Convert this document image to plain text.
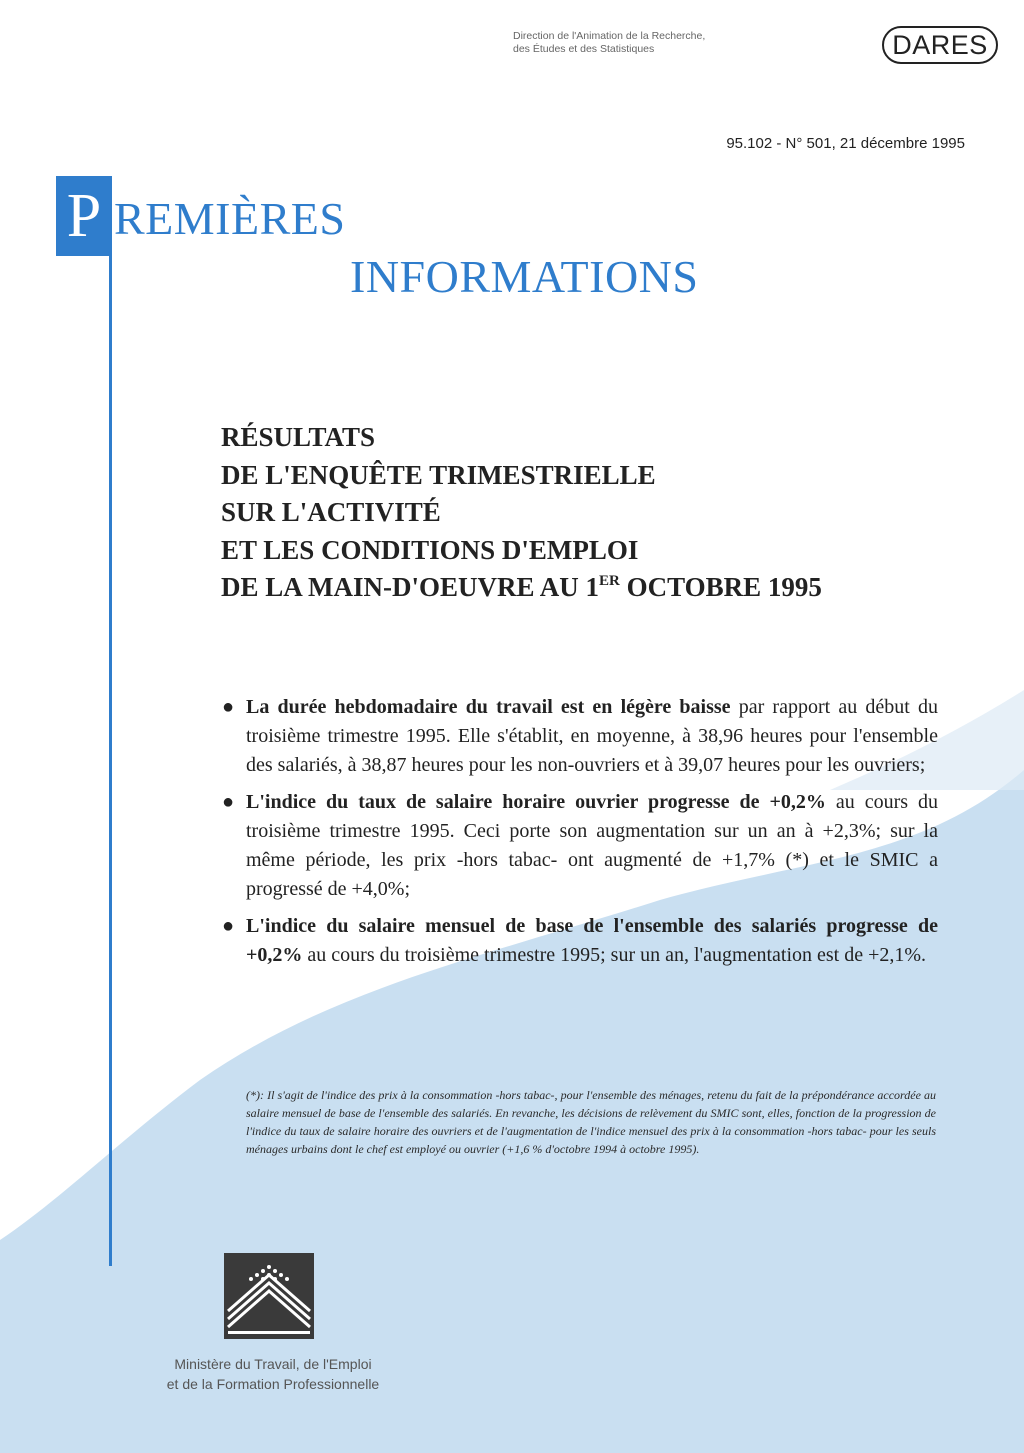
Direction de l'Animation de la Recherche,
des Études et des Statistiques	DARES
95.102 - N° 501, 21 décembre 1995
P REMIÈRES
INFORMATIONS
RÉSULTATS
DE L'ENQUÊTE TRIMESTRIELLE
SUR L'ACTIVITÉ
ET LES CONDITIONS D'EMPLOI
DE LA MAIN-D'OEUVRE AU 1ER OCTOBRE 1995
● La durée hebdomadaire du travail est en légère baisse par rapport au début du troisième trimestre 1995. Elle s'établit, en moyenne, à 38,96 heures pour l'ensemble des salariés, à 38,87 heures pour les non-ouvriers et à 39,07 heures pour les ouvriers;
● L'indice du taux de salaire horaire ouvrier progresse de +0,2% au cours du troisième trimestre 1995. Ceci porte son augmentation sur un an à +2,3%; sur la même période, les prix -hors tabac- ont augmenté de +1,7% (*) et le SMIC a progressé de +4,0%;
● L'indice du salaire mensuel de base de l'ensemble des salariés progresse de +0,2% au cours du troisième trimestre 1995; sur un an, l'augmentation est de +2,1%.
(*): Il s'agit de l'indice des prix à la consommation -hors tabac-, pour l'ensemble des ménages, retenu du fait de la prépondérance accordée au salaire mensuel de base de l'ensemble des salariés. En revanche, les décisions de relèvement du SMIC sont, elles, fonction de la progression de l'indice du taux de salaire horaire des ouvriers et de l'augmentation de l'indice mensuel des prix à la consommation -hors tabac- pour les seuls ménages urbains dont le chef est employé ou ouvrier (+1,6 % d'octobre 1994 à octobre 1995).
Ministère du Travail, de l'Emploi
et de la Formation Professionnelle
